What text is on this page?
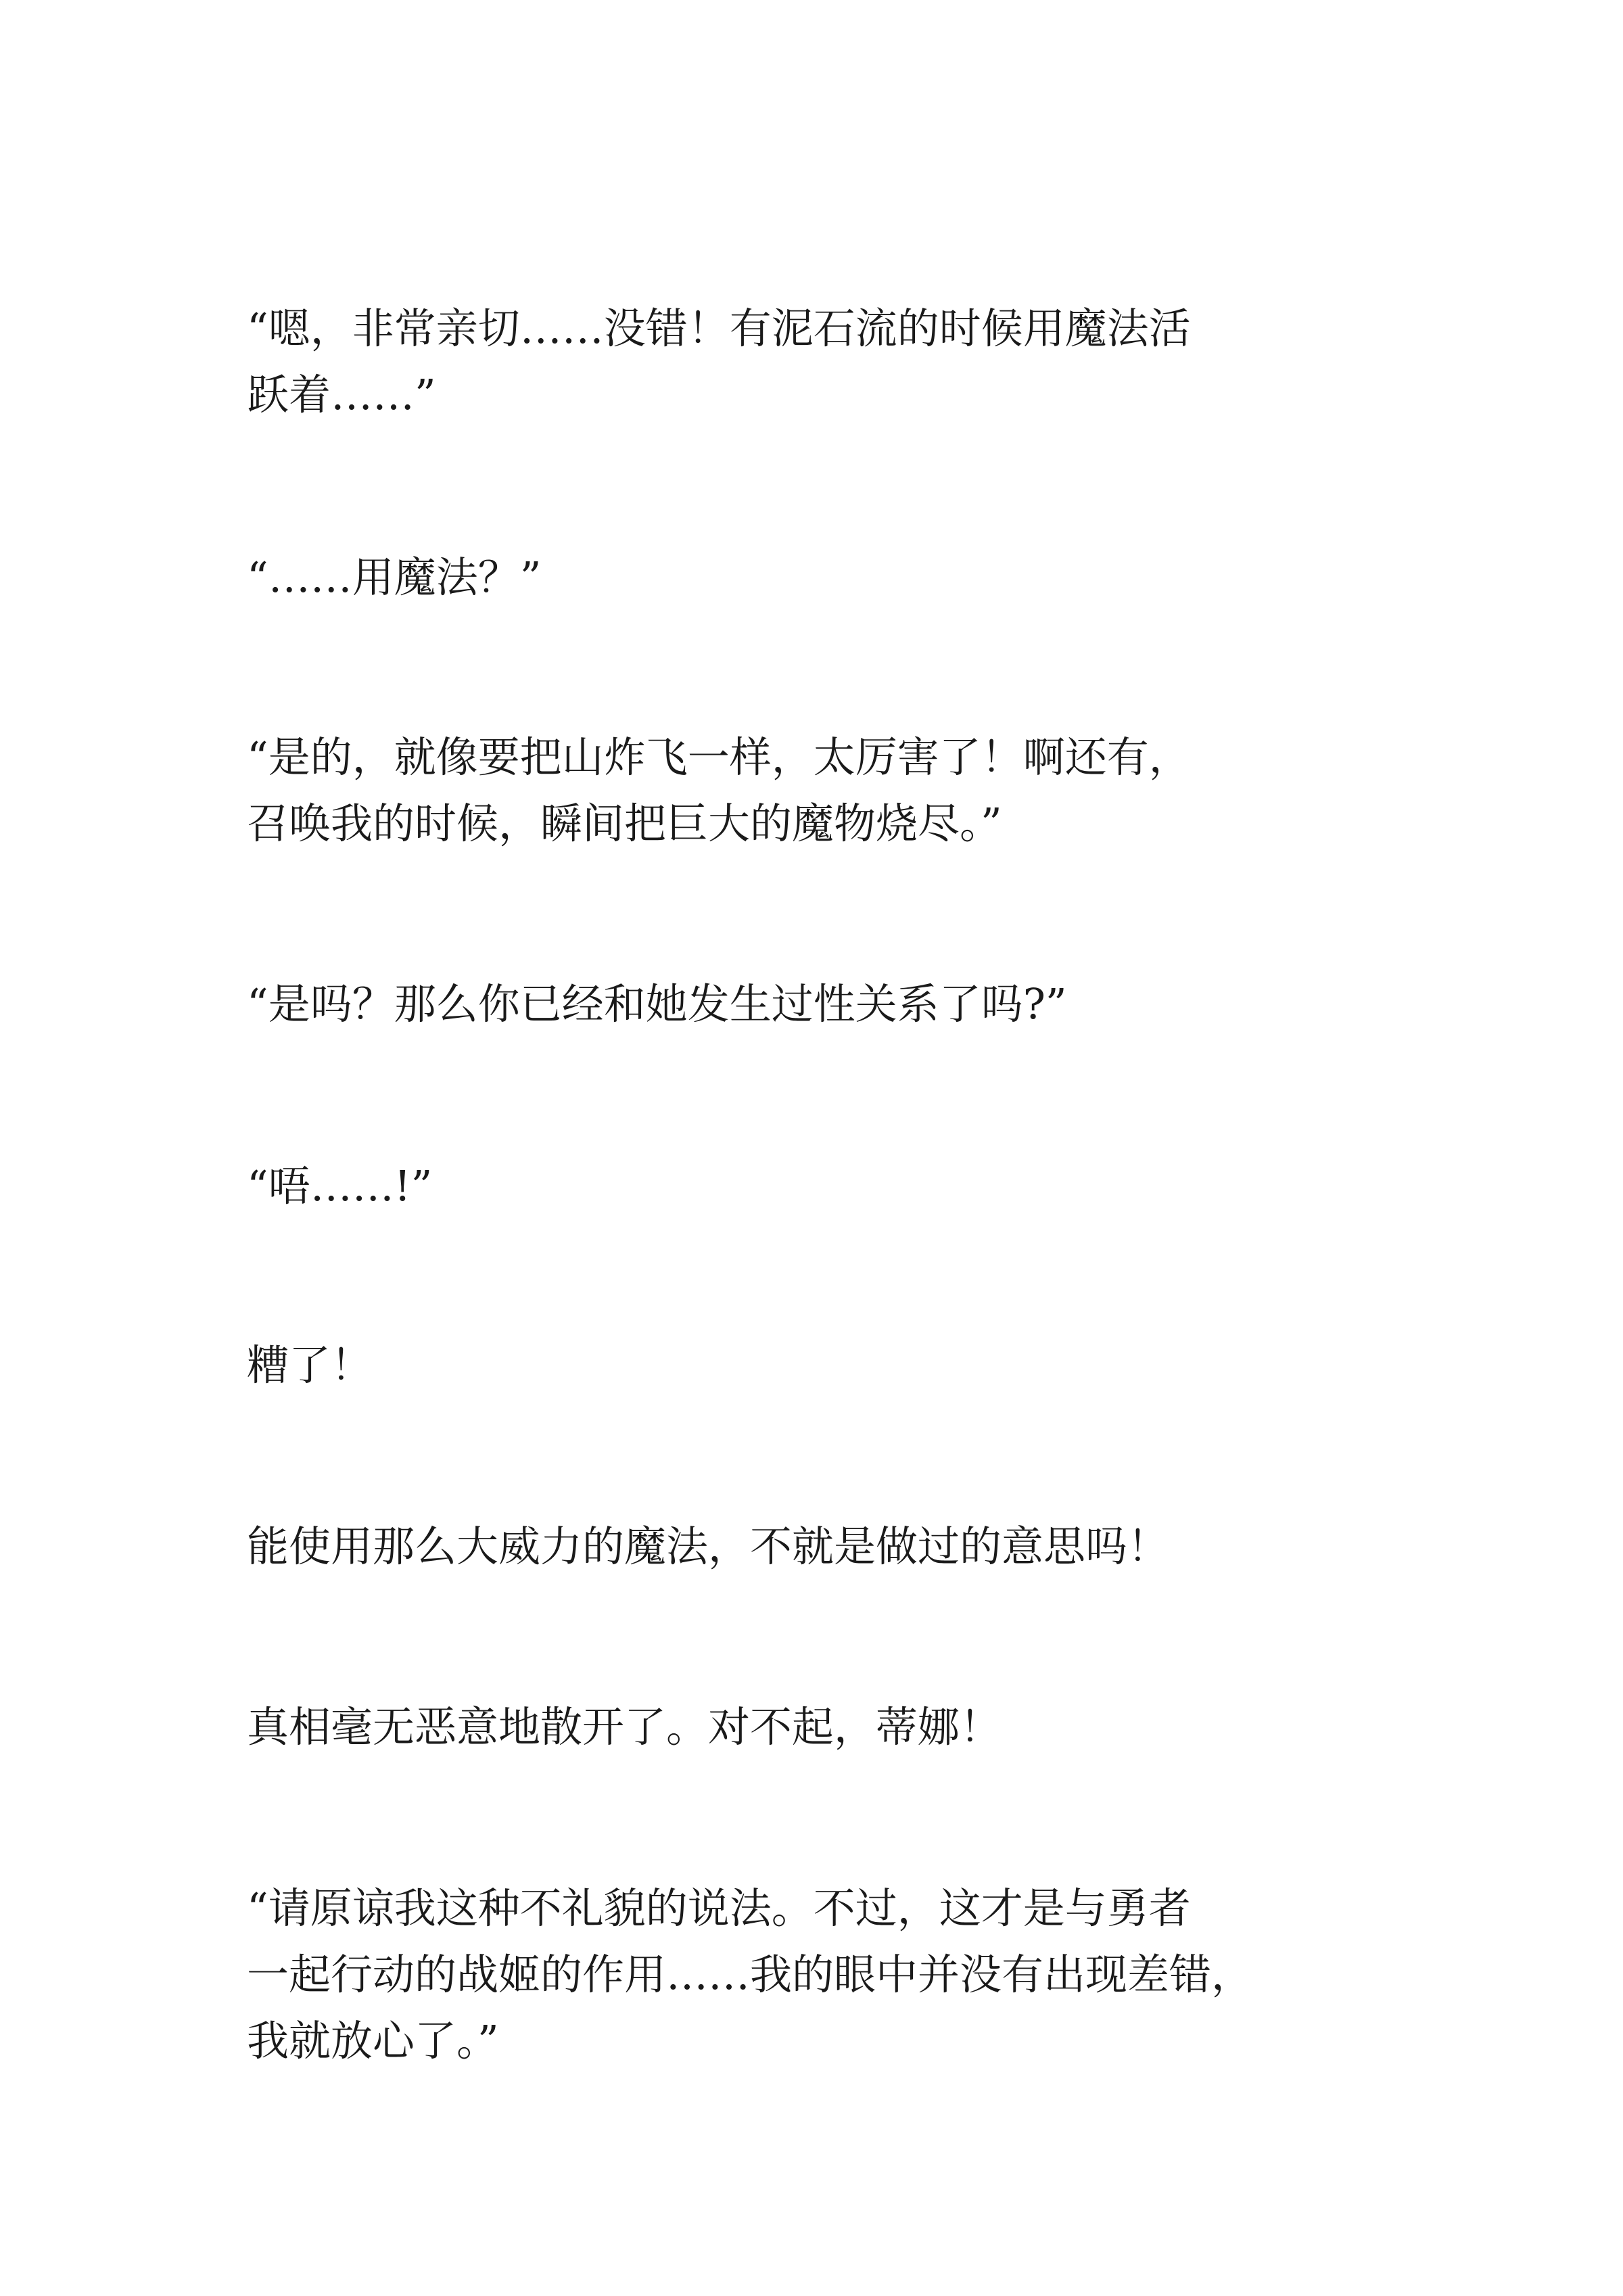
“嗯，非常亲切……没错！有泥石流的时候用魔法活
跃着……”

“……用魔法？”

“是的，就像要把山炸飞一样，太厉害了！啊还有，
召唤我的时候，瞬间把巨大的魔物烧尽。”

“是吗？那么你已经和她发生过性关系了吗?”

“唔……!”

糟了！

能使用那么大威力的魔法，不就是做过的意思吗！

真相毫无恶意地散开了。对不起，蒂娜！

“请原谅我这种不礼貌的说法。不过，这才是与勇者
一起行动的战姬的作用……我的眼中并没有出现差错，
我就放心了。”
